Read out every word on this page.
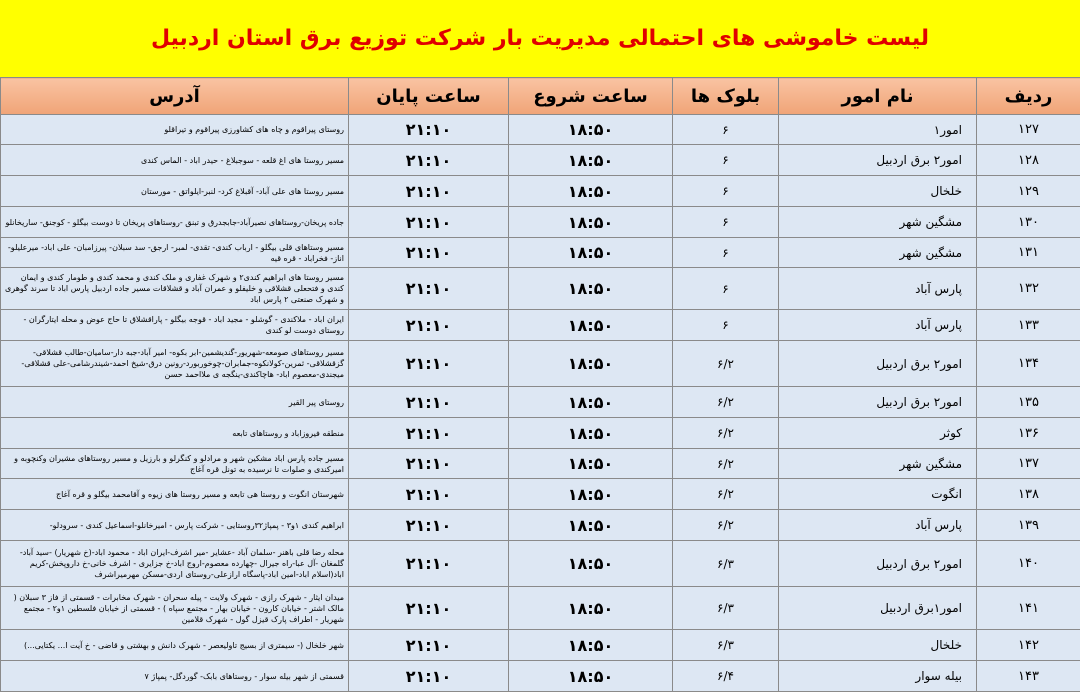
لیست خاموشی های احتمالی مدیریت بار شرکت توزیع برق استان اردبیل
ردیف	نام امور	بلوک ها	ساعت شروع	ساعت پایان	آدرس
۱۲۷	امور۱	۶	۱۸:۵۰	۲۱:۱۰	روستای پیراقوم و چاه های کشاورزی پیراقوم و تیراقلو
۱۲۸	امور۲ برق اردبیل	۶	۱۸:۵۰	۲۱:۱۰	مسیر روستا های اغ قلعه - سوجبلاغ - حیدر اباد - الماس کندی
۱۲۹	خلخال	۶	۱۸:۵۰	۲۱:۱۰	مسیر روستا های علی آباد- آقبلاغ کرد- لنبر-ایلواتق - مورستان
۱۳۰	مشگین شهر	۶	۱۸:۵۰	۲۱:۱۰	جاده پریخان-روستاهای نصیرآباد-جابجدرق و تبنق -روستاهای پریخان تا دوست بیگلو - کوجنق- ساریخانلو
۱۳۱	مشگین شهر	۶	۱۸:۵۰	۲۱:۱۰	مسیر وستاهای قلی بیگلو - ارباب کندی- تقدی- لمبر- ارجق- سد سبلان- پیرزامبان- علی اباد- میرعلیلو- اناز- فخراباد - قره قیه
۱۳۲	پارس آباد	۶	۱۸:۵۰	۲۱:۱۰	مسیر روستا های ابراهیم کندی۲ و شهرک غفاری و ملک کندی و محمد کندی و طومار کندی و ایمان کندی و فتحعلی قشلاقی و خلیفلو و عمران آباد و قشلاقات مسیر جاده اردبیل پارس اباد تا سرند گوهری و شهرک صنعتی ۲ پارس اباد
۱۳۳	پارس آباد	۶	۱۸:۵۰	۲۱:۱۰	ایران اباد - ملاکندی - گوشلو - مجید اباد - قوجه بیگلو - پاراقشلاق تا حاج عوض و محله ایتارگران - روستای دوست لو کندی
۱۳۴	امور۲ برق اردبیل	۶/۲	۱۸:۵۰	۲۱:۱۰	مسیر روستاهای صومعه-شهریور-گندیشمین-ابر بکوه- امیر آباد-جبه دار-سامیان-طالب قشلاقی-گزقشلاقی- ثمرین-کولانکوه-جمابران-چوخوربورد-رونین درق-شیخ احمد-شیندرشامی-علی قشلاقی-میجندی-معصوم اباد- هاچاکندی-ینگجه ی ملااحمد حسن
۱۳۵	امور۲ برق اردبیل	۶/۲	۱۸:۵۰	۲۱:۱۰	روستای پیر القیر
۱۳۶	کوثر	۶/۲	۱۸:۵۰	۲۱:۱۰	منطقه فیروزاباد و روستاهای تابعه
۱۳۷	مشگین شهر	۶/۲	۱۸:۵۰	۲۱:۱۰	مسیر جاده پارس اباد مشکین شهر و مرادلو و کنگرلو و بارزیل و مسیر روستاهای مشیران وکنچوبه و امیرکندی و صلوات تا نرسیده به تونل قره آغاج
۱۳۸	انگوت	۶/۲	۱۸:۵۰	۲۱:۱۰	شهرستان انگوت و روستا هی تابعه و مسیر روستا های زیوه و آقامحمد بیگلو و قره آغاج
۱۳۹	پارس آباد	۶/۲	۱۸:۵۰	۲۱:۱۰	ابراهیم کندی ۱و۳ - پمپاژ۳۲روستایی - شرکت پارس - امیرخانلو-اسماعیل کندی - سرودلو-
۱۴۰	امور۲ برق اردبیل	۶/۳	۱۸:۵۰	۲۱:۱۰	محله رضا قلی باهنر -سلمان آباد -عشایر -میر اشرف-ایران اباد - محمود اباد-(خ شهریار) -سید آباد-گلمغان -آل عبا-راه جیرال -چهارده معصوم-اروج اباد-خ جزایری - اشرف خانی-خ داروپخش-کریم اباد(اسلام اباد-امین اباد-پاسگاه ارازعلی-روستای اردی-مسکن مهرمیراشرف
۱۴۱	امور۱برق اردبیل	۶/۳	۱۸:۵۰	۲۱:۱۰	میدان ایثار - شهرک رازی - شهرک ولایت - پیله سحران - شهرک مخابرات - قسمتی از فاز ۳ سبلان ( مالک اشتر - خیابان کارون - خیابان بهار - مجتمع سپاه ) - قسمتی از خیابان فلسطین ۱و۲ - مجتمع شهریار - اطراف پارک قیزل گول - شهرک قلامین
۱۴۲	خلخال	۶/۳	۱۸:۵۰	۲۱:۱۰	شهر خلخال (- سیمتری از بسیج تاولیعصر - شهرک دانش و بهشتی و قاضی - خ آیت ا... یکتایی...)
۱۴۳	بیله سوار	۶/۴	۱۸:۵۰	۲۱:۱۰	قسمتی از شهر بیله سوار - روستاهای بابک- گوردگل- پمپاژ ۷
